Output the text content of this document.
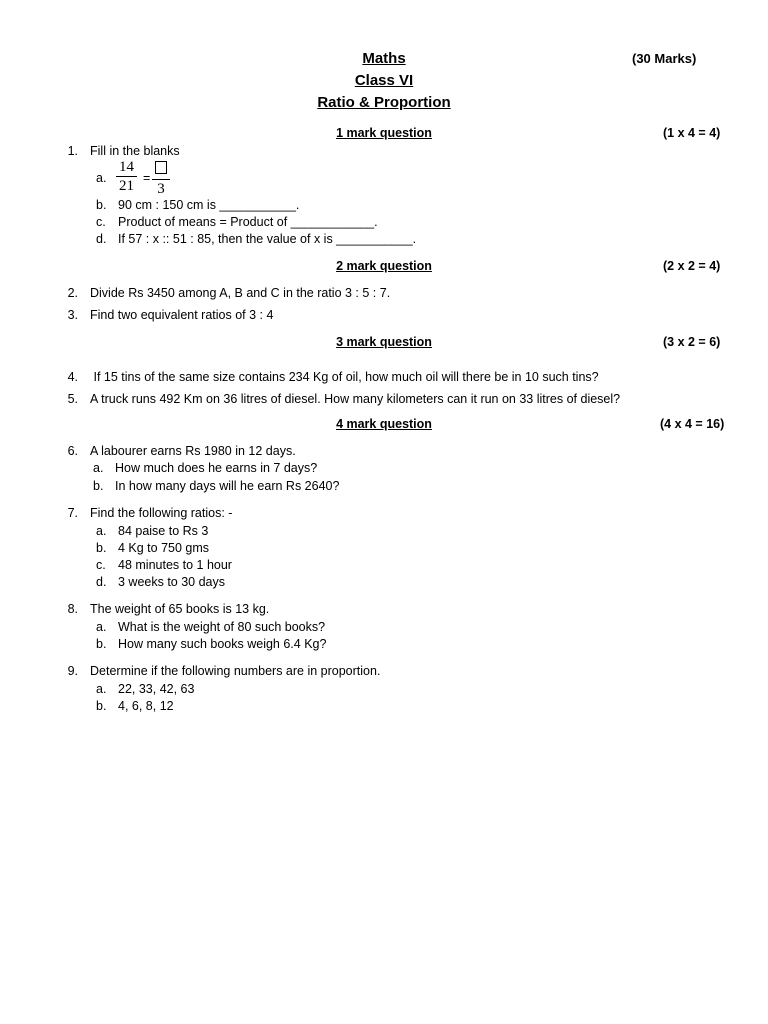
Maths	(30 Marks)
Class VI
Ratio & Proportion
1 mark question	(1 x 4 = 4)
1. Fill in the blanks
a. $\frac{14}{21}$ =
3
b. 90 cm : 150 cm is ___________.
c. Product of means = Product of ____________.
d. If 57 : x :: 51 : 85, then the value of x is ___________.
2 mark question	(2 x 2 = 4)
2. Divide Rs 3450 among A, B and C in the ratio 3 : 5 : 7.
3. Find two equivalent ratios of 3 : 4
3 mark question	(3 x 2 = 6)
4. If 15 tins of the same size contains 234 Kg of oil, how much oil will there be in 10 such tins?
5. A truck runs 492 Km on 36 litres of diesel. How many kilometers can it run on 33 litres of diesel?
4 mark question	(4 x 4 = 16)
6. A labourer earns Rs 1980 in 12 days.
a. How much does he earns in 7 days?
b. In how many days will he earn Rs 2640?
7. Find the following ratios: -
a. 84 paise to Rs 3
b. 4 Kg to 750 gms
c. 48 minutes to 1 hour
d. 3 weeks to 30 days
8. The weight of 65 books is 13 kg.
a. What is the weight of 80 such books?
b. How many such books weigh 6.4 Kg?
9. Determine if the following numbers are in proportion.
a. 22, 33, 42, 63
b. 4, 6, 8, 12
